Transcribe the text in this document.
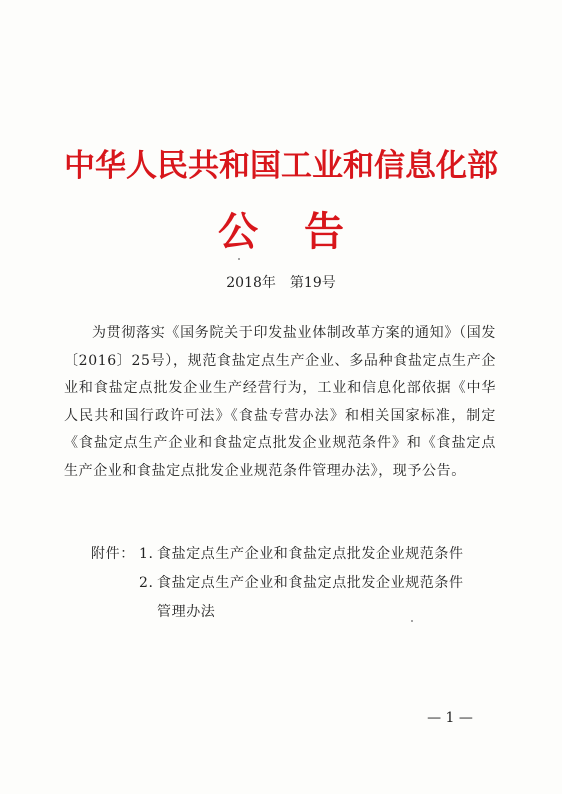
中华人民共和国工业和信息化部
公告
2018年 第19号
为贯彻落实《国务院关于印发盐业体制改革方案的通知》（国发〔2016〕25号），规范食盐定点生产企业、多品种食盐定点生产企业和食盐定点批发企业生产经营行为，工业和信息化部依据《中华人民共和国行政许可法》《食盐专营办法》和相关国家标准，制定《食盐定点生产企业和食盐定点批发企业规范条件》和《食盐定点生产企业和食盐定点批发企业规范条件管理办法》，现予公告。
附件： 1. 食盐定点生产企业和食盐定点批发企业规范条件
2. 食盐定点生产企业和食盐定点批发企业规范条件
管理办法
— 1 —
